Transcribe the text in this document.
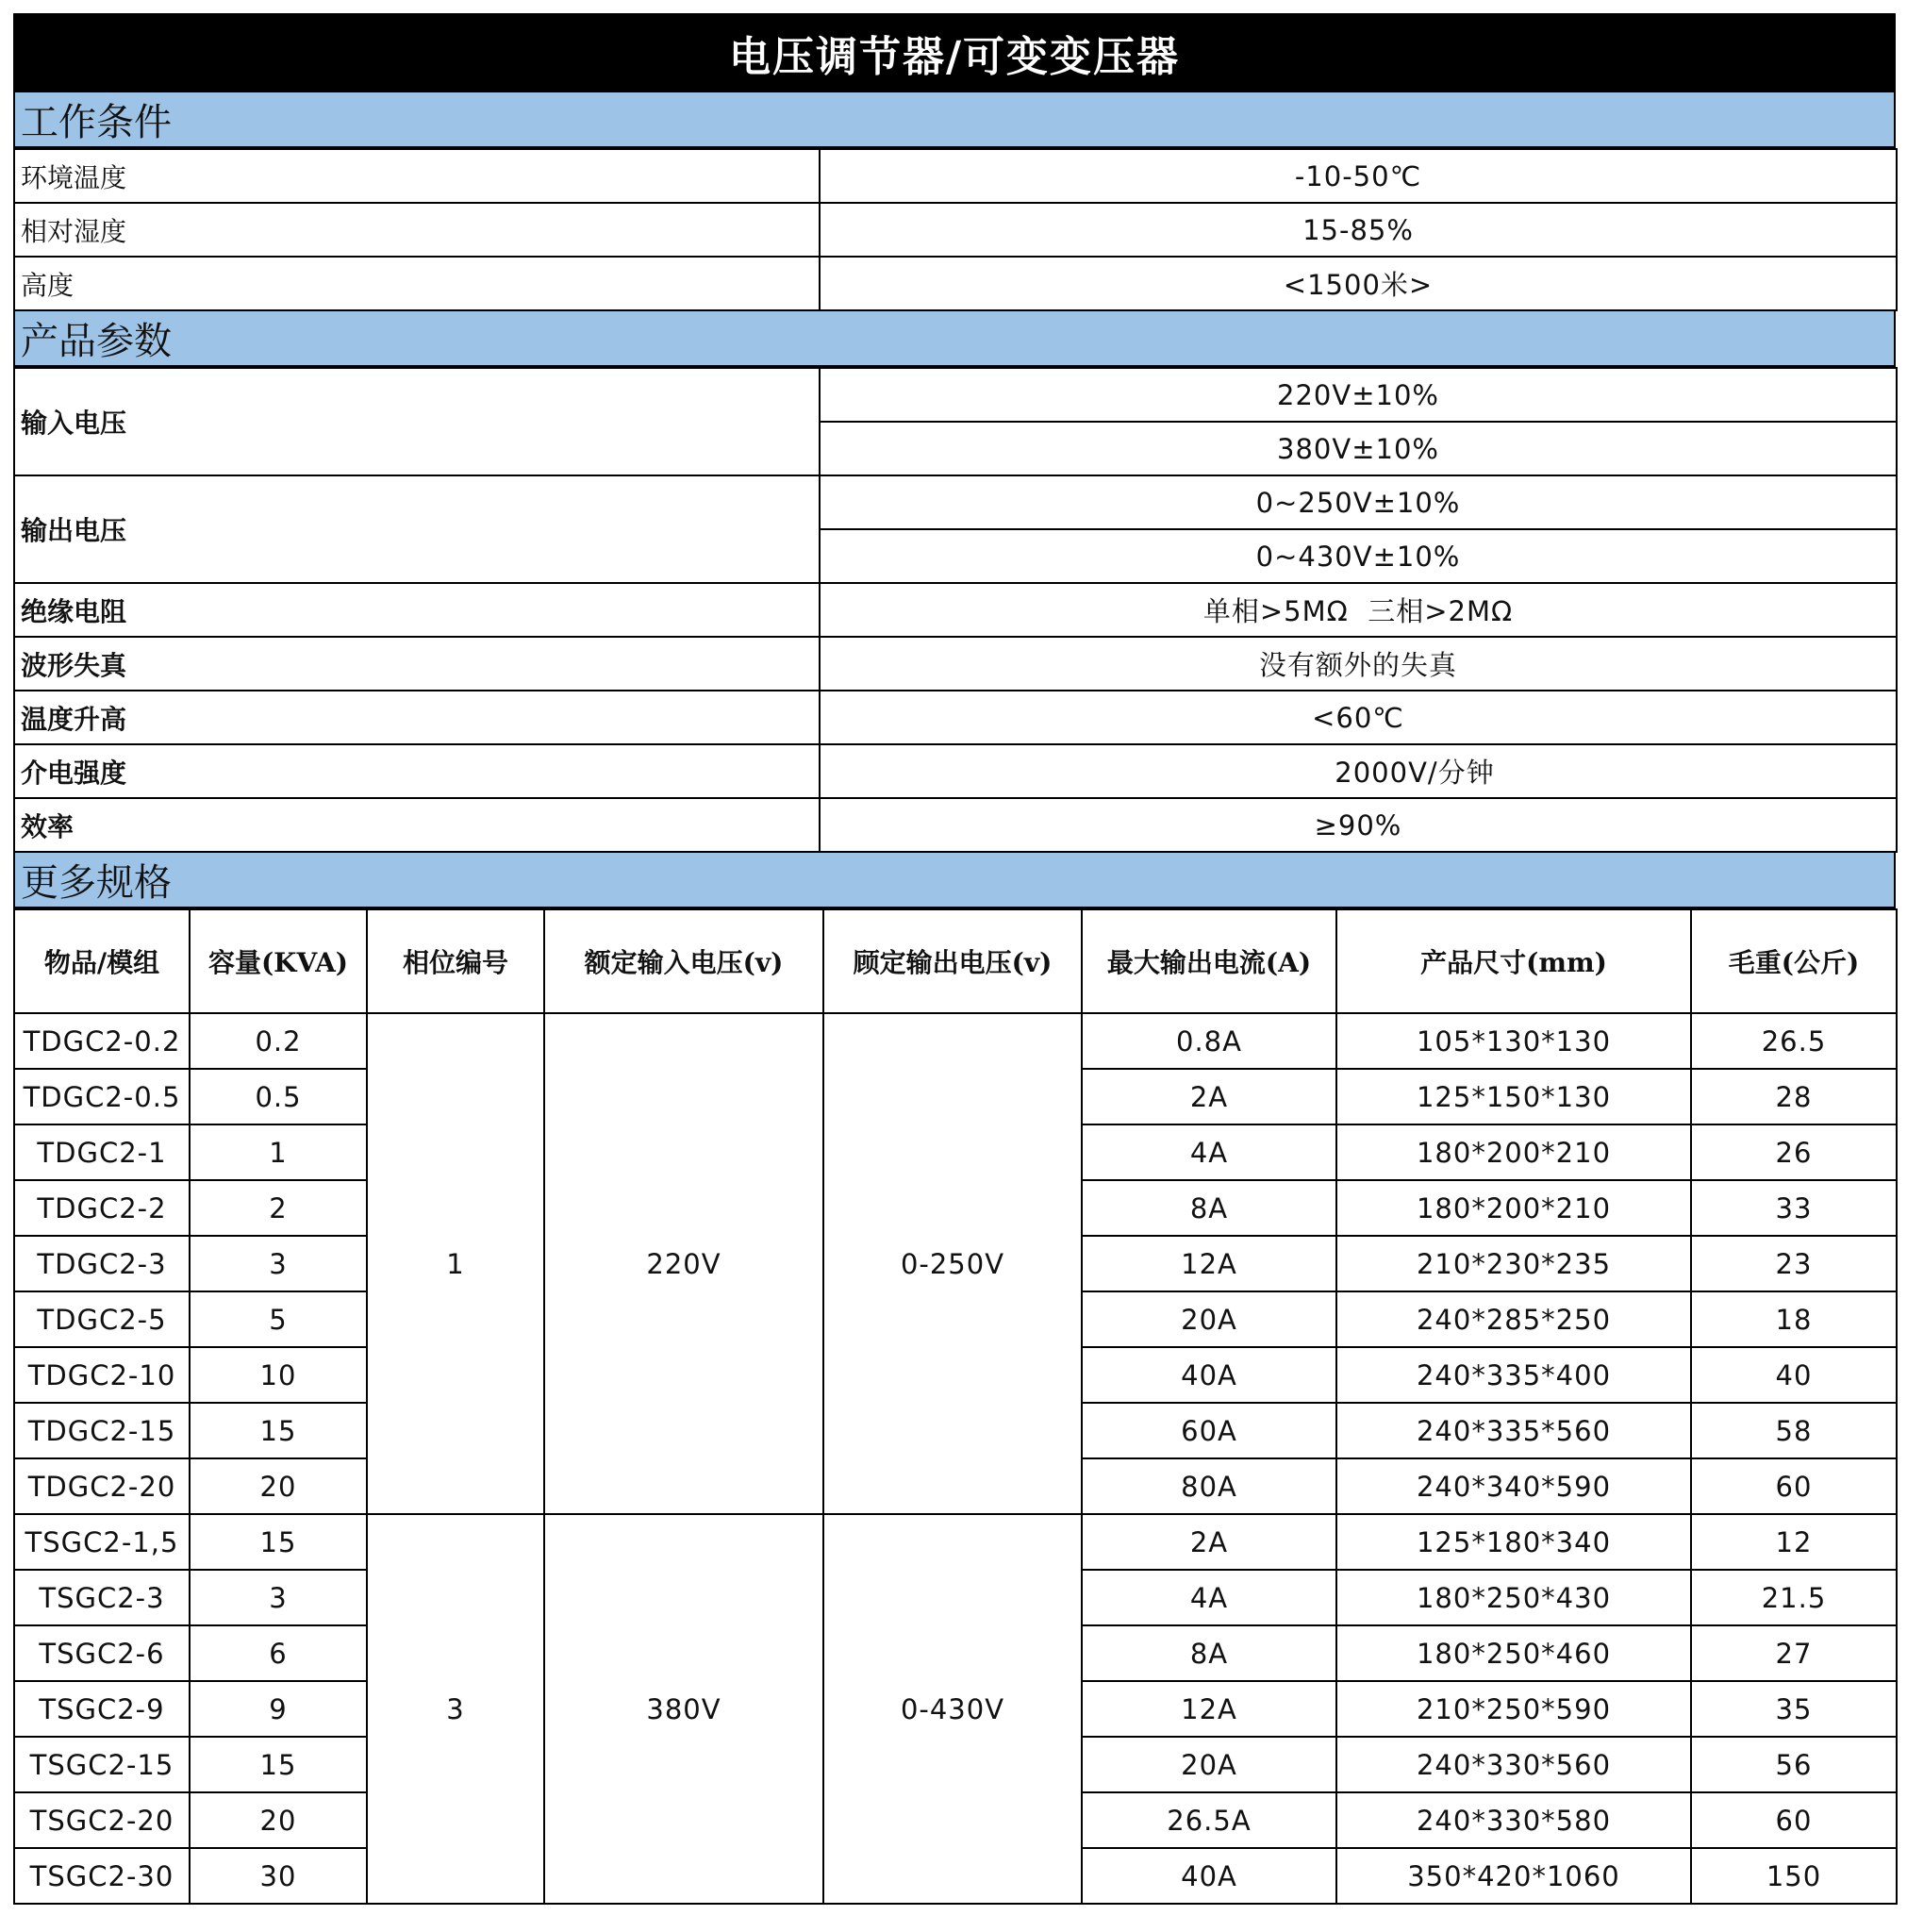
电压调节器/可变变压器
工作条件
环境温度	-10-50℃
相对湿度	15-85%
高度	<1500米>
产品参数
输入电压	220V±10%
	380V±10%
输出电压	0~250V±10%
	0~430V±10%
绝缘电阻	单相>5MΩ  三相>2MΩ
波形失真	没有额外的失真
温度升高	<60℃
介电强度	2000V/分钟
效率	≥90%
更多规格
物品/模组	容量(KVA)	相位编号	额定输入电压(v)	顾定输出电压(v)	最大输出电流(A)	产品尺寸(mm)	毛重(公斤)
TDGC2-0.2	0.2	1	220V	0-250V	0.8A	105*130*130	26.5
TDGC2-0.5	0.5				2A	125*150*130	28
TDGC2-1	1				4A	180*200*210	26
TDGC2-2	2				8A	180*200*210	33
TDGC2-3	3				12A	210*230*235	23
TDGC2-5	5				20A	240*285*250	18
TDGC2-10	10				40A	240*335*400	40
TDGC2-15	15				60A	240*335*560	58
TDGC2-20	20				80A	240*340*590	60
TSGC2-1,5	15	3	380V	0-430V	2A	125*180*340	12
TSGC2-3	3				4A	180*250*430	21.5
TSGC2-6	6				8A	180*250*460	27
TSGC2-9	9				12A	210*250*590	35
TSGC2-15	15				20A	240*330*560	56
TSGC2-20	20				26.5A	240*330*580	60
TSGC2-30	30				40A	350*420*1060	150
